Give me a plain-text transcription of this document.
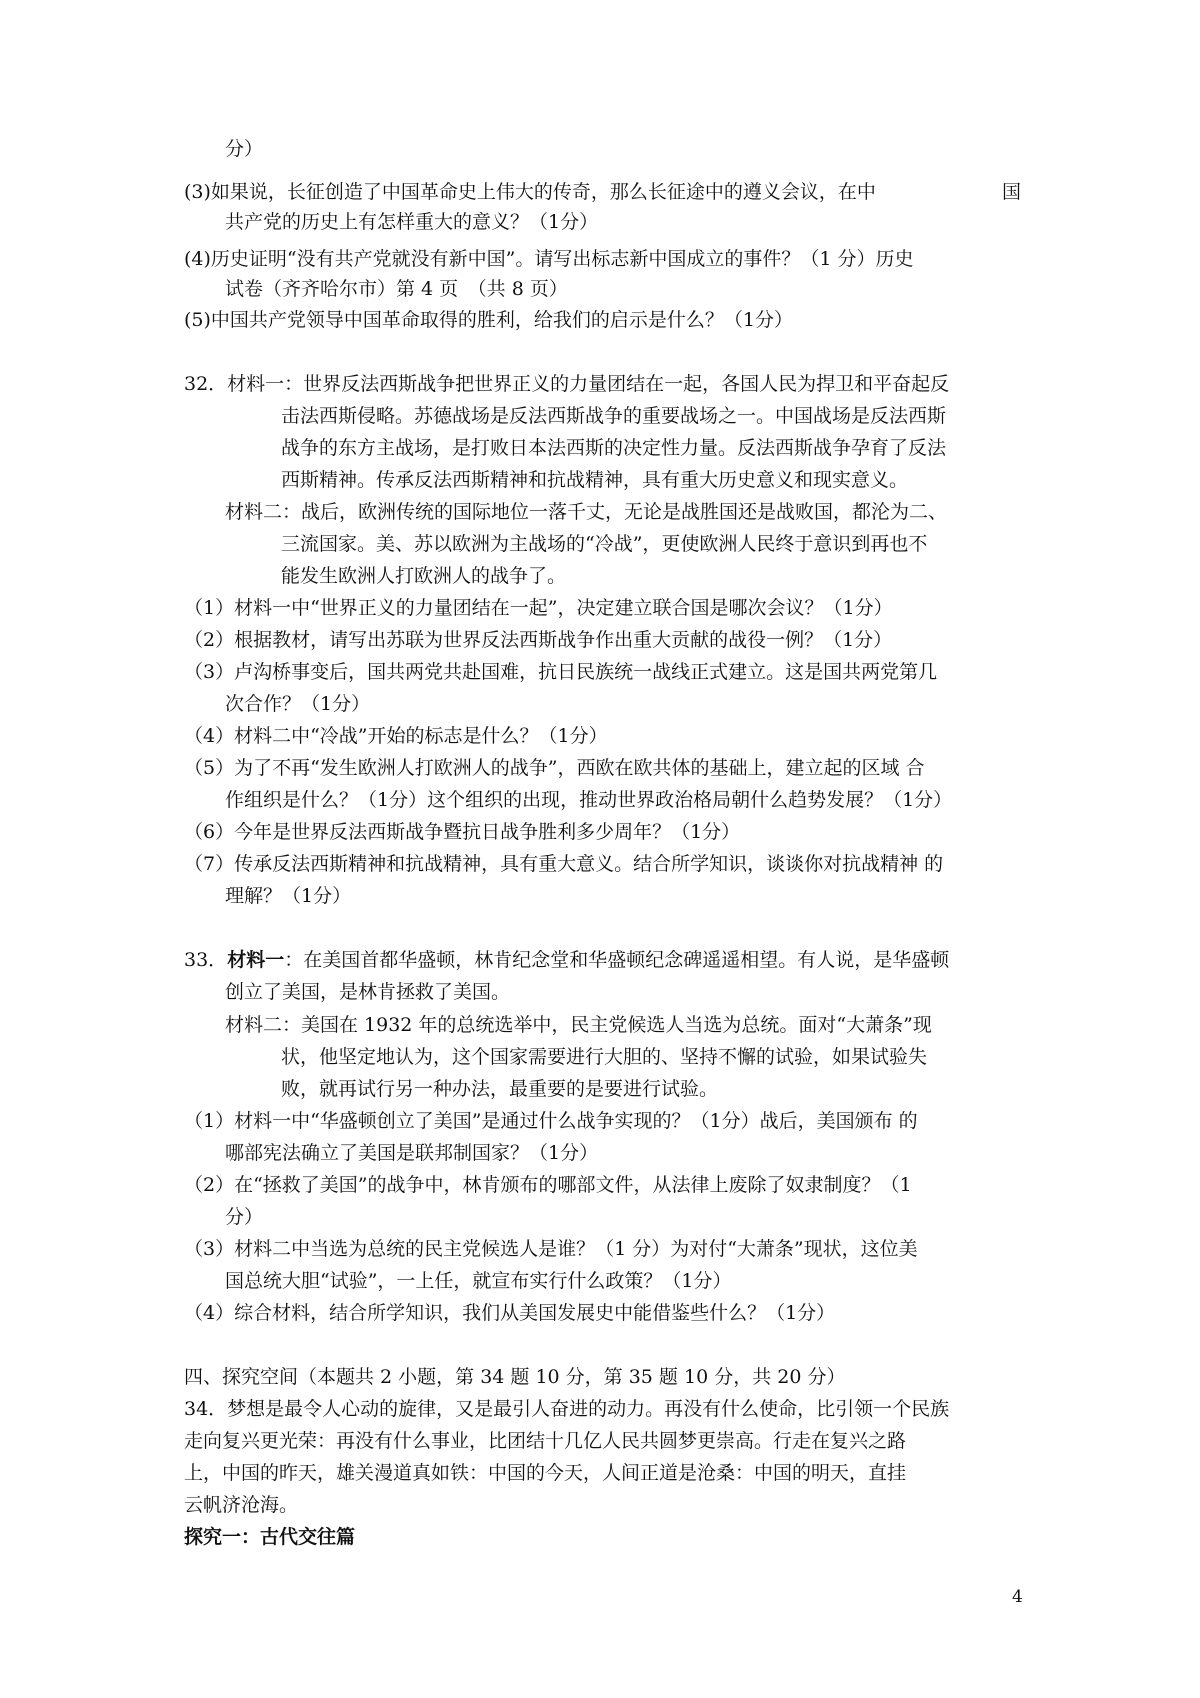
分）
(3)如果说，长征创造了中国革命史上伟大的传奇，那么长征途中的遵义会议，在中	国
共产党的历史上有怎样重大的意义？（1分）
(4)历史证明“没有共产党就没有新中国”。请写出标志新中国成立的事件？（1 分）历史
试卷（齐齐哈尔市）第 4 页　（共 8 页）
(5)中国共产党领导中国革命取得的胜利，给我们的启示是什么？（1分）
32．材料一：世界反法西斯战争把世界正义的力量团结在一起，各国人民为捍卫和平奋起反
击法西斯侵略。苏德战场是反法西斯战争的重要战场之一。中国战场是反法西斯
战争的东方主战场，是打败日本法西斯的决定性力量。反法西斯战争孕育了反法
西斯精神。传承反法西斯精神和抗战精神，具有重大历史意义和现实意义。
材料二：战后，欧洲传统的国际地位一落千丈，无论是战胜国还是战败国，都沦为二、
三流国家。美、苏以欧洲为主战场的“冷战”，更使欧洲人民终于意识到再也不
能发生欧洲人打欧洲人的战争了。
（1）材料一中“世界正义的力量团结在一起”，决定建立联合国是哪次会议？（1分）
（2）根据教材，请写出苏联为世界反法西斯战争作出重大贡献的战役一例？（1分）
（3）卢沟桥事变后，国共两党共赴国难，抗日民族统一战线正式建立。这是国共两党第几
次合作？（1分）
（4）材料二中“冷战”开始的标志是什么？（1分）
（5）为了不再“发生欧洲人打欧洲人的战争”，西欧在欧共体的基础上，建立起的区域 合
作组织是什么？（1分）这个组织的出现，推动世界政治格局朝什么趋势发展？（1分）
（6）今年是世界反法西斯战争暨抗日战争胜利多少周年？（1分）
（7）传承反法西斯精神和抗战精神，具有重大意义。结合所学知识，谈谈你对抗战精神 的
理解？（1分）
33．材料一：在美国首都华盛顿，林肯纪念堂和华盛顿纪念碑遥遥相望。有人说，是华盛顿
创立了美国，是林肯拯救了美国。
材料二：美国在 1932 年的总统选举中，民主党候选人当选为总统。面对“大萧条”现
状，他坚定地认为，这个国家需要进行大胆的、坚持不懈的试验，如果试验失
败，就再试行另一种办法，最重要的是要进行试验。
（1）材料一中“华盛顿创立了美国”是通过什么战争实现的？（1分）战后，美国颁布 的
哪部宪法确立了美国是联邦制国家？（1分）
（2）在“拯救了美国”的战争中，林肯颁布的哪部文件，从法律上废除了奴隶制度？（1
分）
（3）材料二中当选为总统的民主党候选人是谁？（1 分）为对付“大萧条”现状，这位美
国总统大胆“试验”，一上任，就宣布实行什么政策？（1分）
（4）综合材料，结合所学知识，我们从美国发展史中能借鉴些什么？（1分）
四、探究空间（本题共 2 小题，第 34 题 10 分，第 35 题 10 分，共 20 分）
34．梦想是最令人心动的旋律，又是最引人奋进的动力。再没有什么使命，比引领一个民族
走向复兴更光荣：再没有什么事业，比团结十几亿人民共圆梦更崇高。行走在复兴之路
上，中国的昨天，雄关漫道真如铁：中国的今天，人间正道是沧桑：中国的明天，直挂
云帆济沧海。
探究一：古代交往篇
4
